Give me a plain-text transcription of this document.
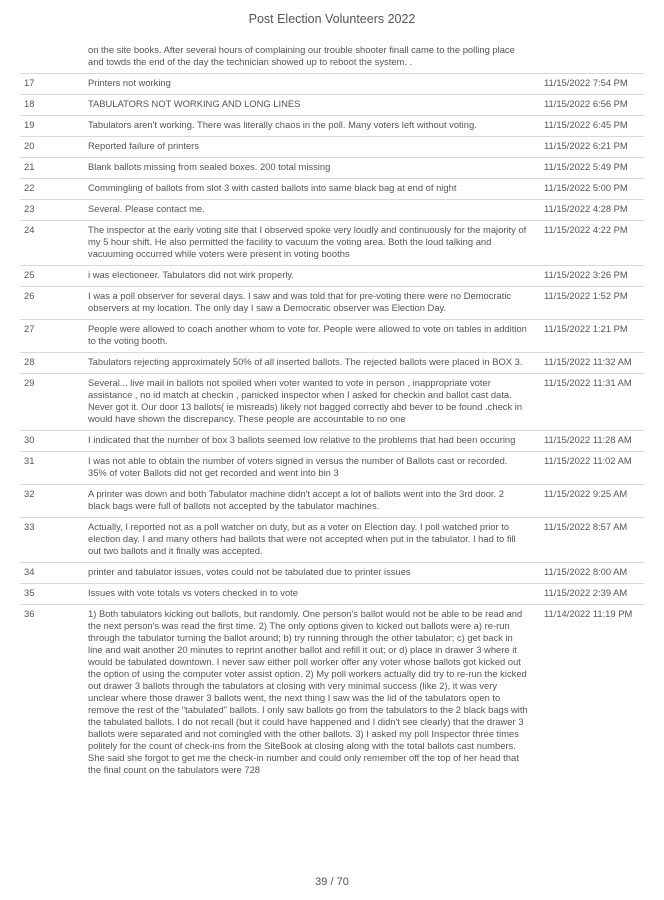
Post Election Volunteers 2022
	on the site books. After several hours of complaining our trouble shooter finall came to the polling place and towds the end of the day the technician showed up to reboot the system. .	
17	Printers not working	11/15/2022 7:54 PM
18	TABULATORS NOT WORKING AND LONG LINES	11/15/2022 6:56 PM
19	Tabulators aren't working. There was literally chaos in the poll. Many voters left without voting.	11/15/2022 6:45 PM
20	Reported failure of printers	11/15/2022 6:21 PM
21	Blank ballots missing from sealed boxes. 200 total missing	11/15/2022 5:49 PM
22	Commingling of ballots from slot 3 with casted ballots into same black bag at end of night	11/15/2022 5:00 PM
23	Several. Please contact me.	11/15/2022 4:28 PM
24	The inspector at the early voting site that I observed spoke very loudly and continuously for the majority of my 5 hour shift. He also permitted the facility to vacuum the voting area. Both the loud talking and vacuuming occurred while voters were present in voting booths	11/15/2022 4:22 PM
25	i was electioneer. Tabulators did not wirk properly.	11/15/2022 3:26 PM
26	I was a poll observer for several days. I saw and was told that for pre-voting there were no Democratic observers at my location. The only day I saw a Democratic observer was Election Day.	11/15/2022 1:52 PM
27	People were allowed to coach another whom to vote for. People were allowed to vote on tables in addition to the voting booth.	11/15/2022 1:21 PM
28	Tabulators rejecting approximately 50% of all inserted ballots. The rejected ballots were placed in BOX 3.	11/15/2022 11:32 AM
29	Several... live mail in ballots not spoiled when voter wanted to vote in person , inappropriate voter assistance , no id match at checkin , panicked inspector when I asked for checkin and ballot cast data. Never got it. Our door 13 ballots( ie misreads) likely not bagged correctly abd bever to be found .check in would have shown the discrepancy. These people are accountable to no one	11/15/2022 11:31 AM
30	I indicated that the number of box 3 ballots seemed low relative to the problems that had been occuring	11/15/2022 11:28 AM
31	I was not able to obtain the number of voters signed in versus the number of Ballots cast or recorded. 35% of voter Ballots did not get recorded and went into bin 3	11/15/2022 11:02 AM
32	A printer was down and both Tabulator machine didn't accept a lot of ballots went into the 3rd door. 2 black bags were full of ballots not accepted by the tabulator machines.	11/15/2022 9:25 AM
33	Actually, I reported not as a poll watcher on duty, but as a voter on Election day. I poll watched prior to election day. I and many others had ballots that were not accepted when put in the tabulator. I had to fill out two ballots and it finally was accepted.	11/15/2022 8:57 AM
34	printer and tabulator issues, votes could not be tabulated due to printer issues	11/15/2022 8:00 AM
35	Issues with vote totals vs voters checked in to vote	11/15/2022 2:39 AM
36	1) Both tabulators kicking out ballots, but randomly. One person's ballot would not be able to be read and the next person's was read the first time. 2) The only options given to kicked out ballots were a) re-run through the tabulator turning the ballot around; b) try running through the other tabulator; c) get back in line and wait another 20 minutes to reprint another ballot and refill it out; or d) place in drawer 3 where it would be tabulated downtown. I never saw either poll worker offer any voter whose ballots got kicked out the option of using the computer voter assist option. 2) My poll workers actually did try to re-run the kicked out drawer 3 ballots through the tabulators at closing with very minimal success (like 2), it was very unclear where those drawer 3 ballots went, the next thing I saw was the lid of the tabulators open to remove the rest of the "tabulated" ballots. I only saw ballots go from the tabulators to the 2 black bags with the tabulated ballots. I do not recall (but it could have happened and I didn't see clearly) that the drawer 3 ballots were separated and not comingled with the other ballots. 3) I asked my poll Inspector three times politely for the count of check-ins from the SiteBook at closing along with the total ballots cast numbers. She said she forgot to get me the check-in number and could only remember off the top of her head that the final count on the tabulators were 728	11/14/2022 11:19 PM
39 / 70
